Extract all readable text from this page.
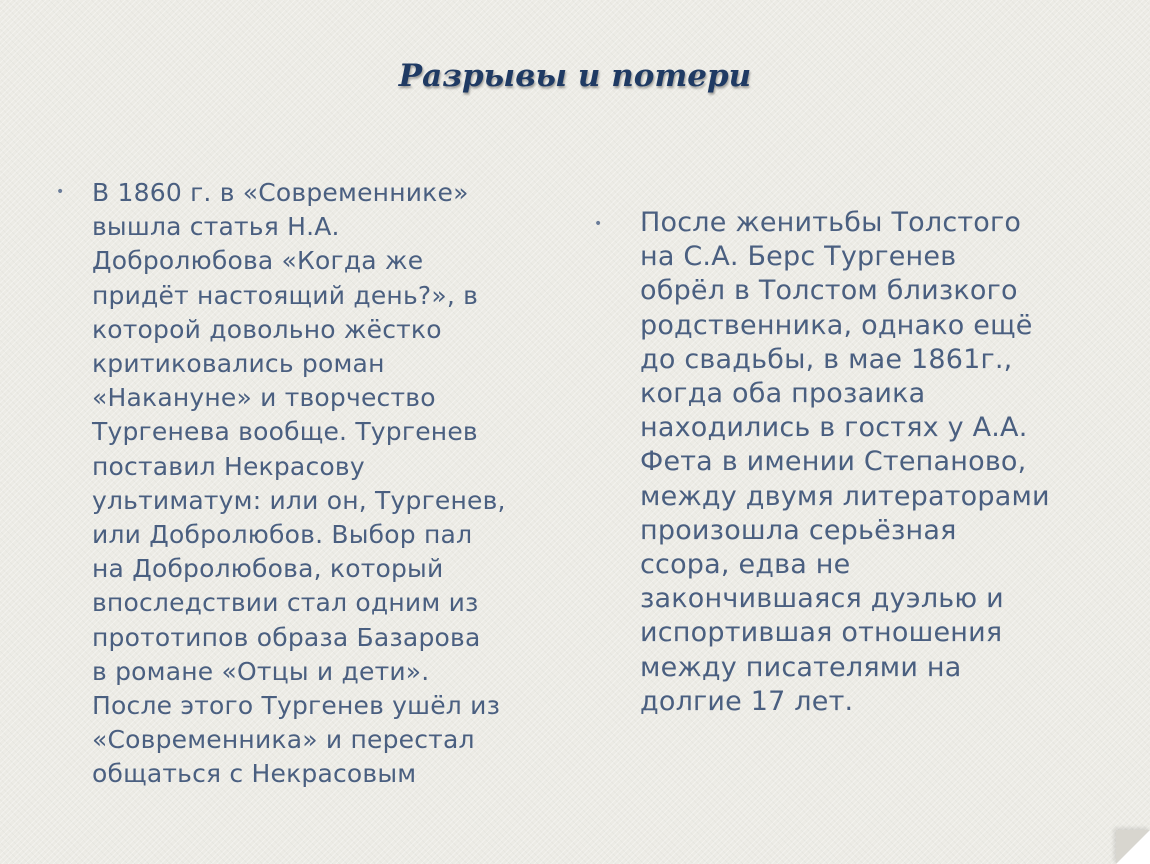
Разрывы и потери
• В 1860 г. в «Современнике»
вышла статья Н.А.
Добролюбова «Когда же
придёт настоящий день?», в
которой довольно жёстко
критиковались роман
«Накануне» и творчество
Тургенева вообще. Тургенев
поставил Некрасову
ультиматум: или он, Тургенев,
или Добролюбов. Выбор пал
на Добролюбова, который
впоследствии стал одним из
прототипов образа Базарова
в романе «Отцы и дети».
После этого Тургенев ушёл из
«Современника» и перестал
общаться с Некрасовым
• После женитьбы Толстого
на С.А. Берс Тургенев
обрёл в Толстом близкого
родственника, однако ещё
до свадьбы, в мае 1861г.,
когда оба прозаика
находились в гостях у А.А.
Фета в имении Степаново,
между двумя литераторами
произошла серьёзная
ссора, едва не
закончившаяся дуэлью и
испортившая отношения
между писателями на
долгие 17 лет.
